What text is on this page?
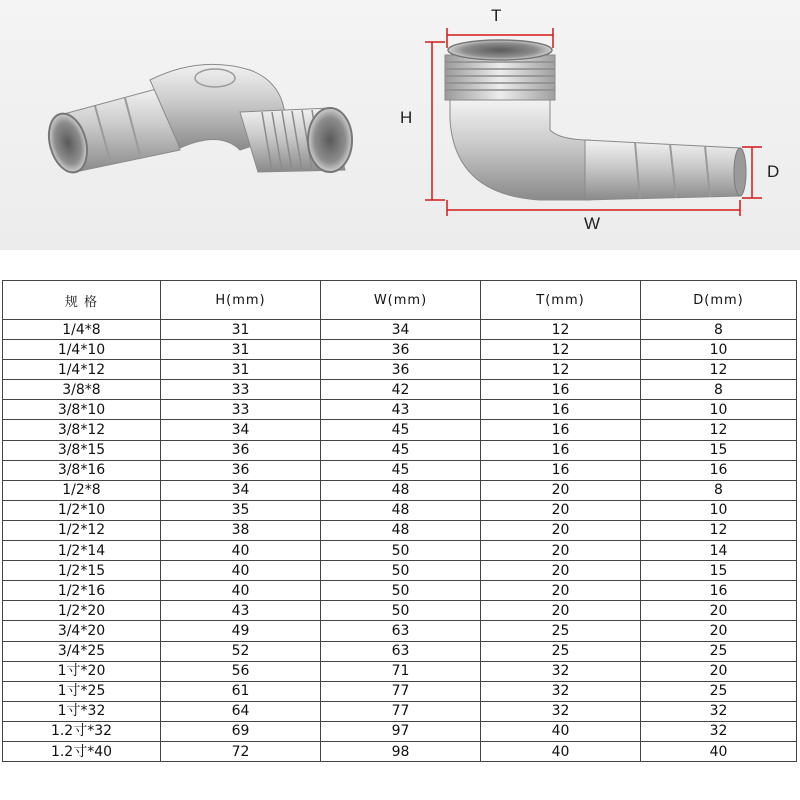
T
H
D
W
规 格	H(mm)	W(mm)	T(mm)	D(mm)
1/4*8	31	34	12	8
1/4*10	31	36	12	10
1/4*12	31	36	12	12
3/8*8	33	42	16	8
3/8*10	33	43	16	10
3/8*12	34	45	16	12
3/8*15	36	45	16	15
3/8*16	36	45	16	16
1/2*8	34	48	20	8
1/2*10	35	48	20	10
1/2*12	38	48	20	12
1/2*14	40	50	20	14
1/2*15	40	50	20	15
1/2*16	40	50	20	16
1/2*20	43	50	20	20
3/4*20	49	63	25	20
3/4*25	52	63	25	25
1寸*20	56	71	32	20
1寸*25	61	77	32	25
1寸*32	64	77	32	32
1.2寸*32	69	97	40	32
1.2寸*40	72	98	40	40
